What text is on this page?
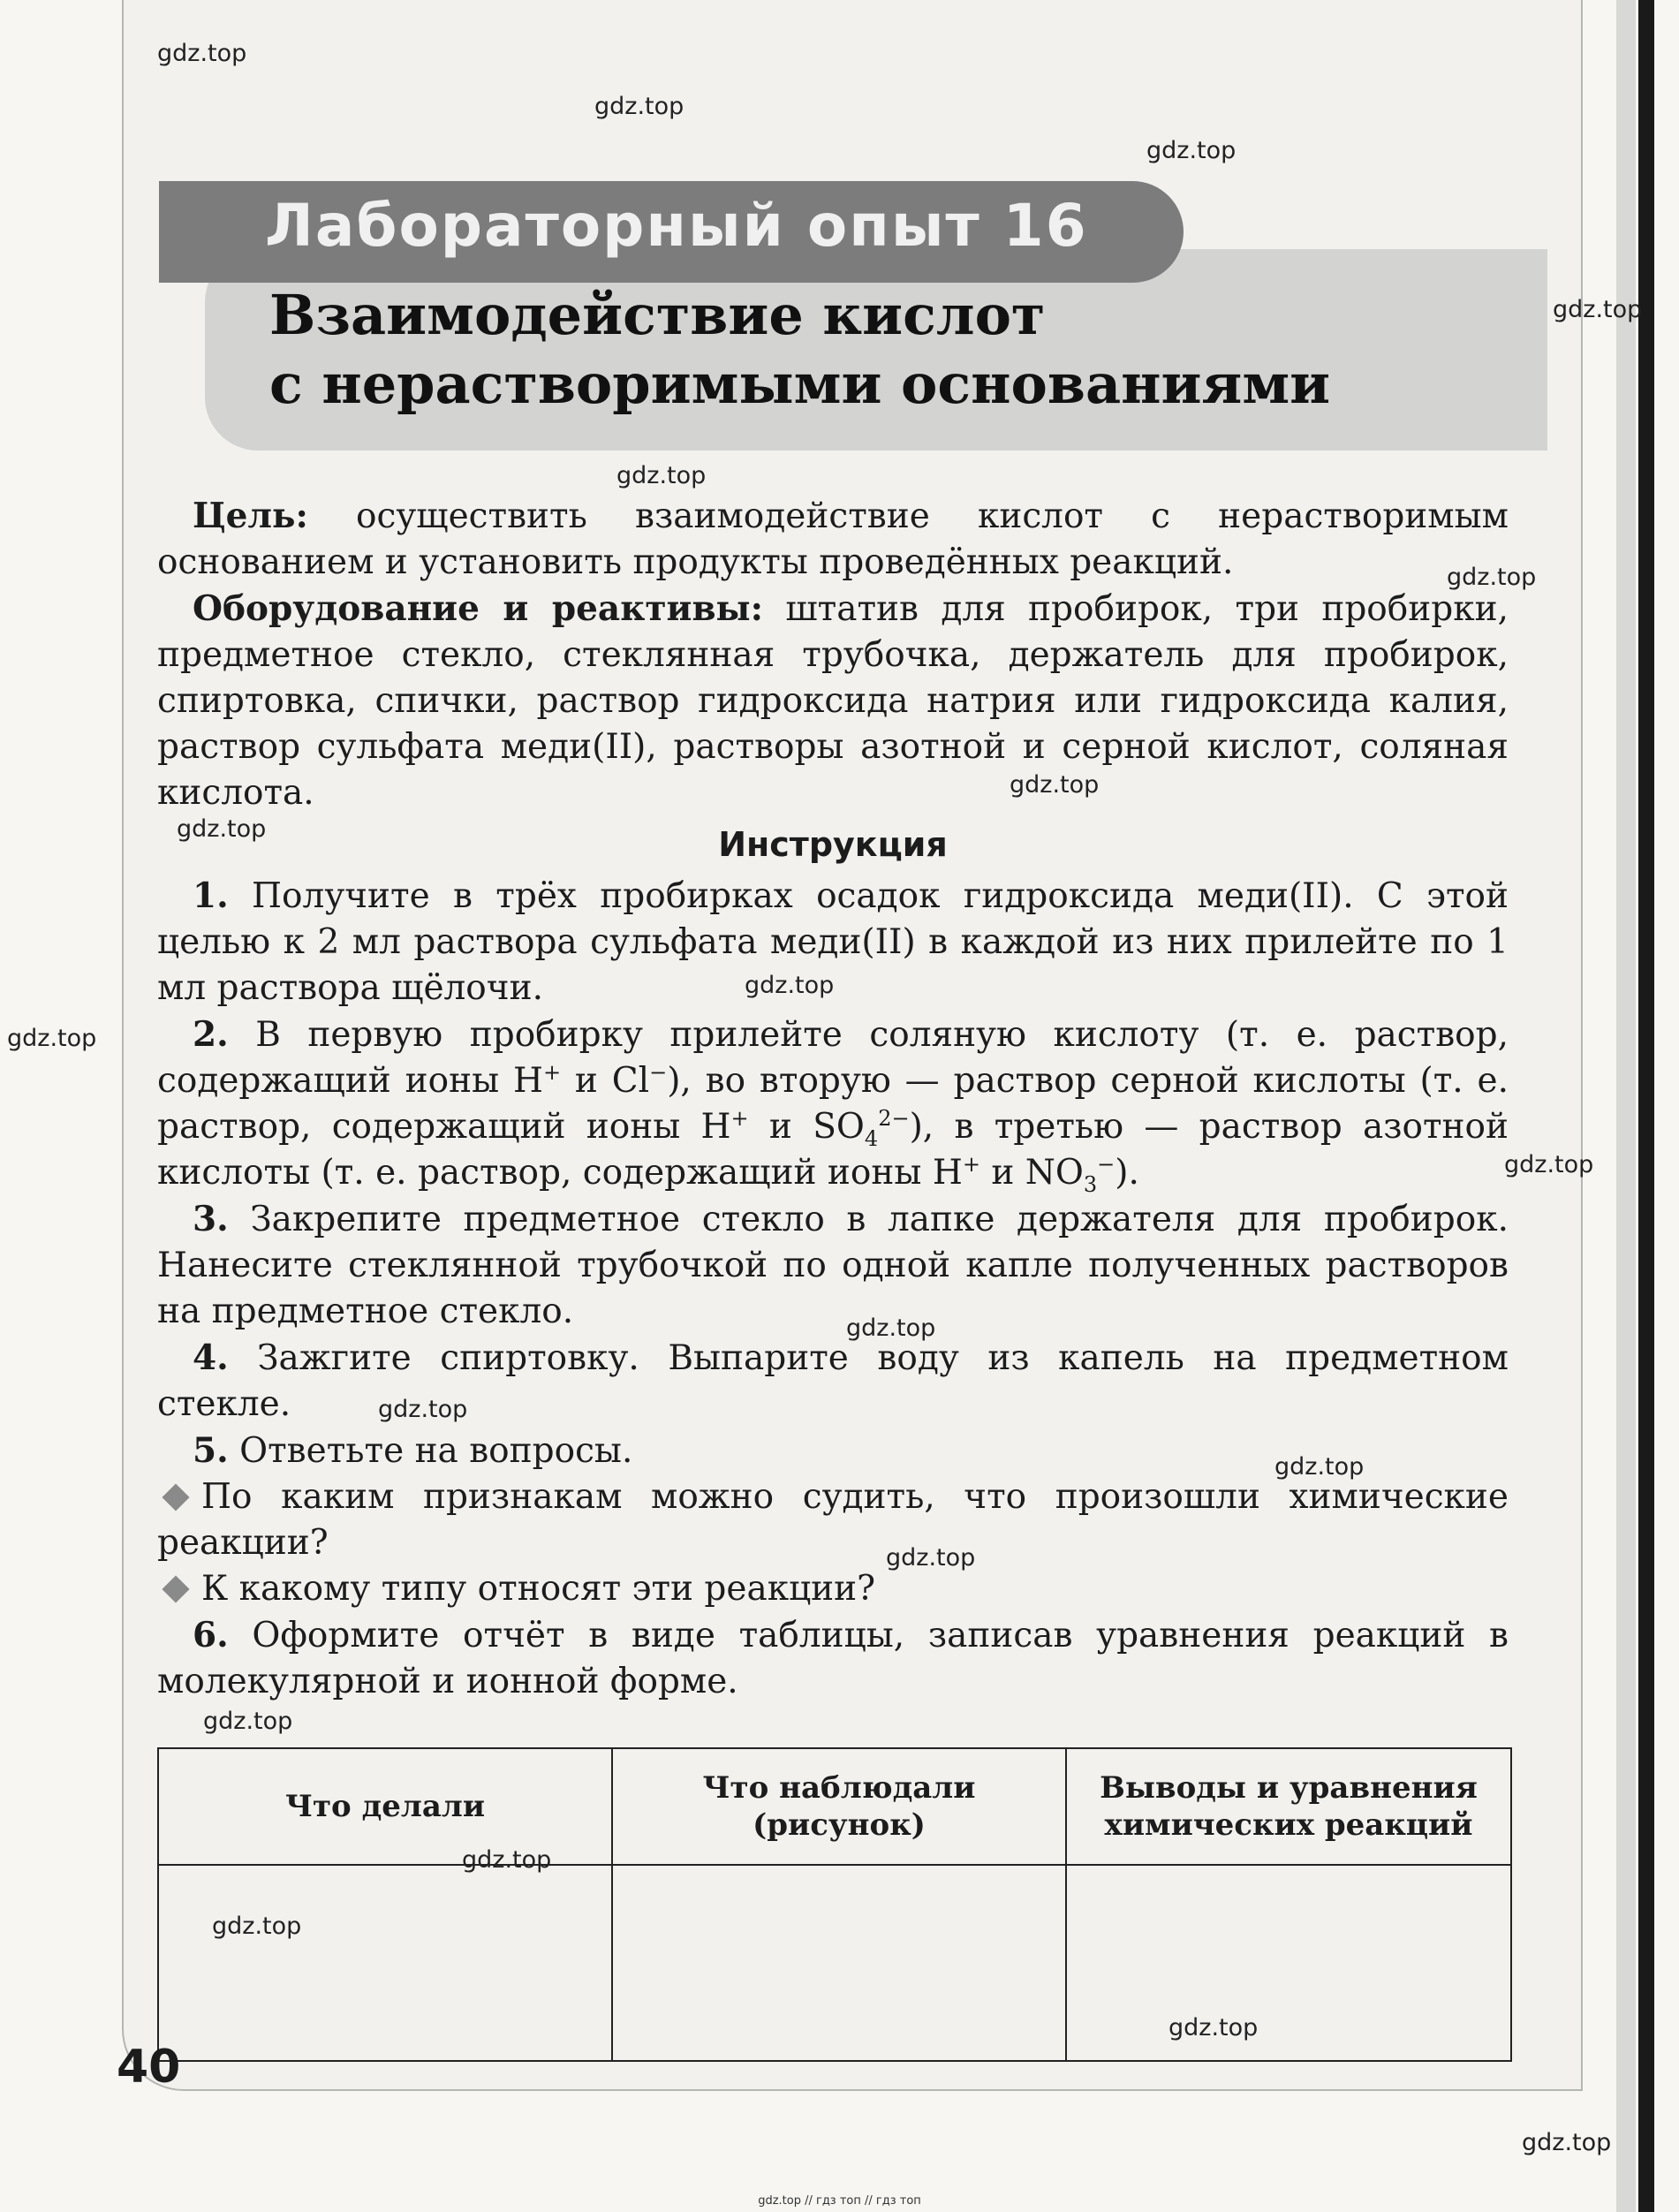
Лабораторный опыт 16
Взаимодействие кислот
с нерастворимыми основаниями

Цель: осуществить взаимодействие кислот с нерастворимым основанием и установить продукты проведённых реакций.

Оборудование и реактивы: штатив для пробирок, три пробирки, предметное стекло, стеклянная трубочка, держатель для пробирок, спиртовка, спички, раствор гидроксида натрия или гидроксида калия, раствор сульфата меди(II), растворы азотной и серной кислот, соляная кислота.

Инструкция

1. Получите в трёх пробирках осадок гидроксида меди(II). С этой целью к 2 мл раствора сульфата меди(II) в каждой из них прилейте по 1 мл раствора щёлочи.

2. В первую пробирку прилейте соляную кислоту (т. е. раствор, содержащий ионы H+ и Cl−), во вторую — раствор серной кислоты (т. е. раствор, содержащий ионы H+ и $SO_4^{2-}$), в третью — раствор азотной кислоты (т. е. раствор, содержащий ионы H+ и $NO_3^-$).

3. Закрепите предметное стекло в лапке держателя для пробирок. Нанесите стеклянной трубочкой по одной капле полученных растворов на предметное стекло.

4. Зажгите спиртовку. Выпарите воду из капель на предметном стекле.

5. Ответьте на вопросы.

По каким признакам можно судить, что произошли химические реакции?

К какому типу относят эти реакции?

6. Оформите отчёт в виде таблицы, записав уравнения реакций в молекулярной и ионной форме.

Что делали	Что наблюдали (рисунок)	Выводы и уравнения химических реакций

40
gdz.top
gdz.top
gdz.top
gdz.top
gdz.top
gdz.top
gdz.top
gdz.top
gdz.top
gdz.top
gdz.top
gdz.top
gdz.top
gdz.top
gdz.top
gdz.top
gdz.top
gdz.top
gdz.top
gdz.top
gdz.top // гдз топ // гдз топ
